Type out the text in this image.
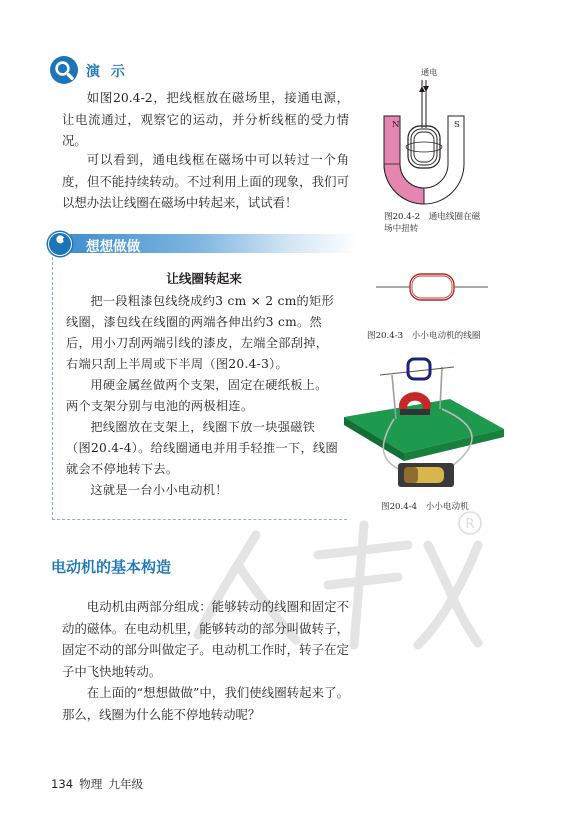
演 示

如图20.4-2，把线框放在磁场里，接通电源，让电流通过，观察它的运动，并分析线框的受力情况。

可以看到，通电线框在磁场中可以转过一个角度，但不能持续转动。不过利用上面的现象，我们可以想办法让线圈在磁场中转起来，试试看！

通电
N	S
图20.4-2　通电线圈在磁场中扭转
想想做做
让线圈转起来

把一段粗漆包线绕成约3 cm × 2 cm的矩形线圈，漆包线在线圈的两端各伸出约3 cm。然后，用小刀刮两端引线的漆皮，左端全部刮掉，右端只刮上半周或下半周（图20.4-3）。

用硬金属丝做两个支架，固定在硬纸板上。两个支架分别与电池的两极相连。

把线圈放在支架上，线圈下放一块强磁铁（图20.4-4）。给线圈通电并用手轻推一下，线圈就会不停地转下去。

这就是一台小小电动机！

图20.4-3　小小电动机的线圈
图20.4-4　小小电动机
R
电动机的基本构造

电动机由两部分组成：能够转动的线圈和固定不动的磁体。在电动机里，能够转动的部分叫做转子，固定不动的部分叫做定子。电动机工作时，转子在定子中飞快地转动。

在上面的“想想做做”中，我们使线圈转起来了。那么，线圈为什么能不停地转动呢？

134 物理 九年级
